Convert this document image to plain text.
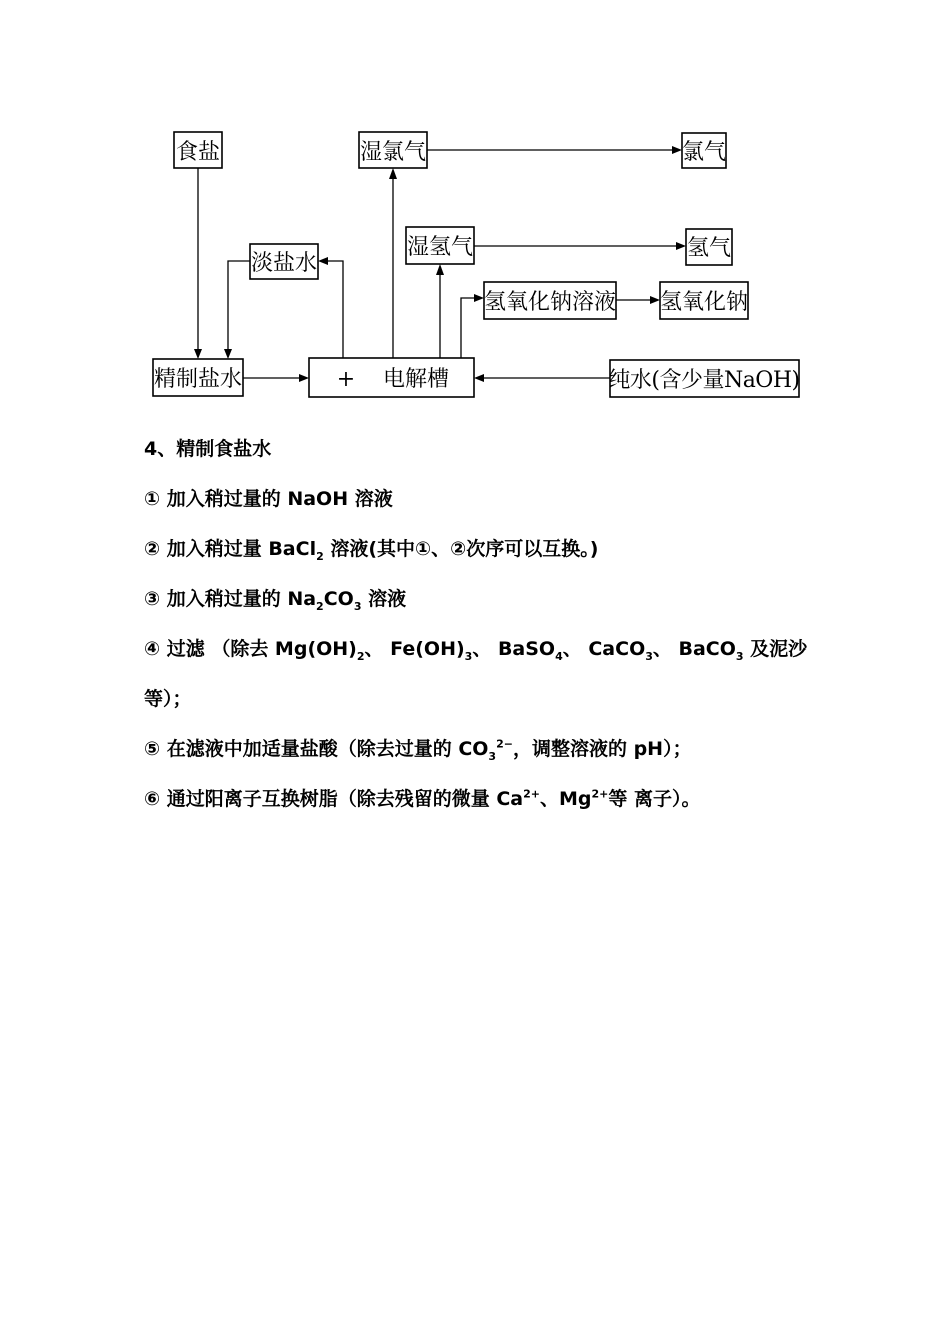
食盐	湿氯气	氯气
淡盐水
湿氢气	氢气
氢氧化钠溶液 氢氧化钠
精制盐水	+ 电解槽	纯水(含少量NaOH)

4、精制食盐水

① 加入稍过量的 NaOH 溶液

② 加入稍过量 BaCl$_2$ 溶液(其中①、②次序可以互换。)

③ 加入稍过量的 $Na_2CO_3$ 溶液

④ 过滤 （除去 $Mg(OH)_2$、 $Fe(OH)_3$、 BaSO$_4$、 CaCO$_3$、 BaCO$_3$ 及泥沙

等）；

⑤ 在滤液中加适量盐酸（除去过量的 $CO_3^{2-}$，调整溶液的 pH）；

⑥ 通过阳离子互换树脂（除去残留的微量 $Ca^{2+}$、$Mg^{2+}$等 离子）。
